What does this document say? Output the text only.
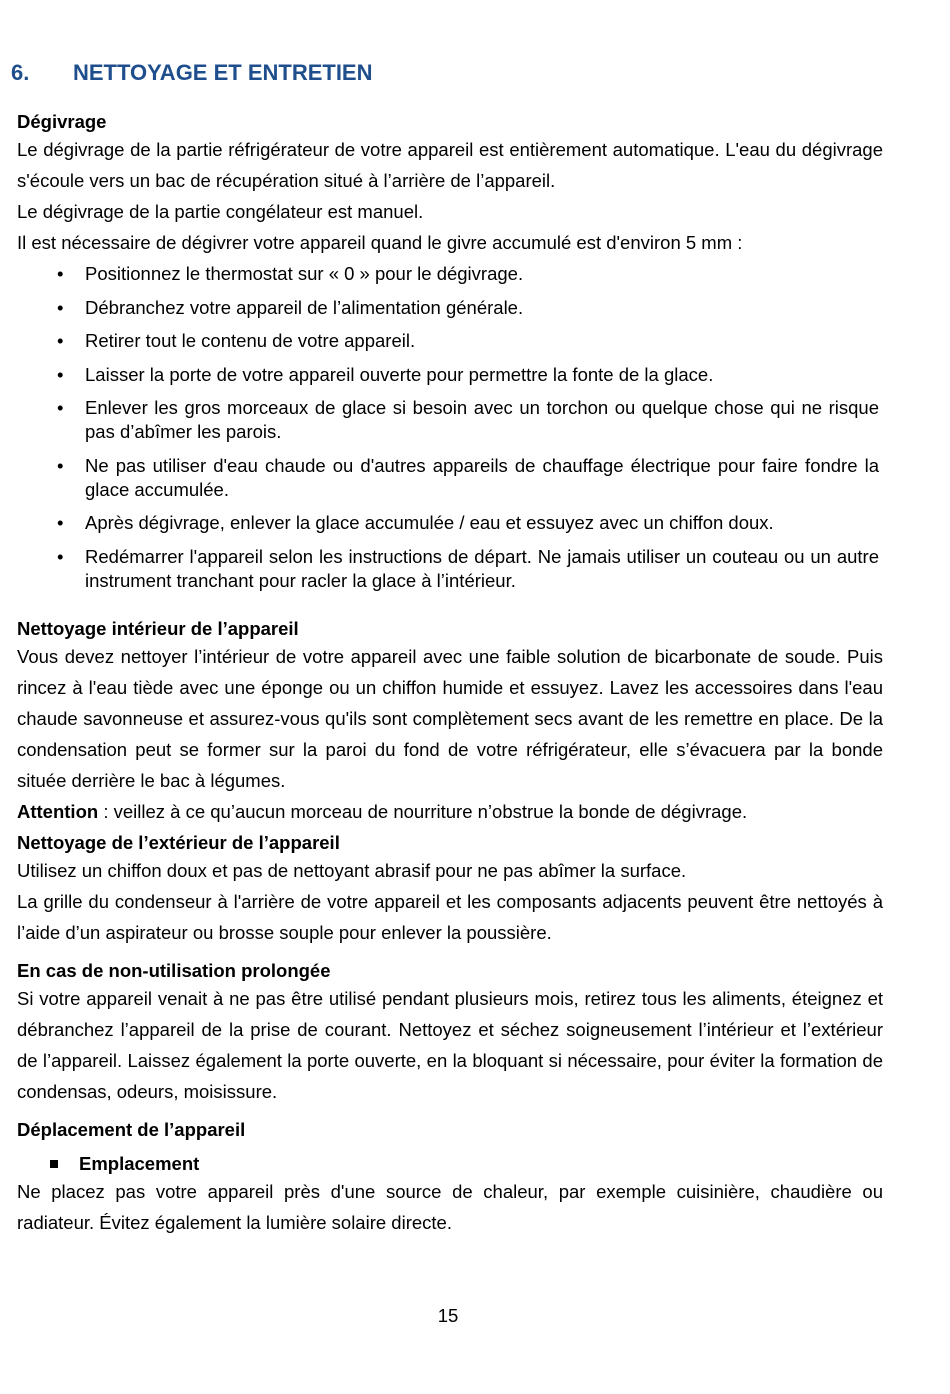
6. NETTOYAGE ET ENTRETIEN
Dégivrage

Le dégivrage de la partie réfrigérateur de votre appareil est entièrement automatique. L'eau du dégivrage s'écoule vers un bac de récupération situé à l’arrière de l’appareil.

Le dégivrage de la partie congélateur est manuel.

Il est nécessaire de dégivrer votre appareil quand le givre accumulé est d'environ 5 mm :

• Positionnez le thermostat sur « 0 » pour le dégivrage.
• Débranchez votre appareil de l’alimentation générale.
• Retirer tout le contenu de votre appareil.
• Laisser la porte de votre appareil ouverte pour permettre la fonte de la glace.
• Enlever les gros morceaux de glace si besoin avec un torchon ou quelque chose qui ne risque pas d’abîmer les parois.
• Ne pas utiliser d'eau chaude ou d'autres appareils de chauffage électrique pour faire fondre la glace accumulée.
• Après dégivrage, enlever la glace accumulée / eau et essuyez avec un chiffon doux.
• Redémarrer l'appareil selon les instructions de départ. Ne jamais utiliser un couteau ou un autre instrument tranchant pour racler la glace à l’intérieur.
Nettoyage intérieur de l’appareil

Vous devez nettoyer l’intérieur de votre appareil avec une faible solution de bicarbonate de soude. Puis rincez à l'eau tiède avec une éponge ou un chiffon humide et essuyez. Lavez les accessoires dans l'eau chaude savonneuse et assurez-vous qu'ils sont complètement secs avant de les remettre en place. De la condensation peut se former sur la paroi du fond de votre réfrigérateur, elle s’évacuera par la bonde située derrière le bac à légumes.

Attention : veillez à ce qu’aucun morceau de nourriture n’obstrue la bonde de dégivrage.

Nettoyage de l’extérieur de l’appareil

Utilisez un chiffon doux et pas de nettoyant abrasif pour ne pas abîmer la surface.

La grille du condenseur à l'arrière de votre appareil et les composants adjacents peuvent être nettoyés à l’aide d’un aspirateur ou brosse souple pour enlever la poussière.

En cas de non-utilisation prolongée

Si votre appareil venait à ne pas être utilisé pendant plusieurs mois, retirez tous les aliments, éteignez et débranchez l’appareil de la prise de courant. Nettoyez et séchez soigneusement l’intérieur et l’extérieur de l’appareil. Laissez également la porte ouverte, en la bloquant si nécessaire, pour éviter la formation de condensas, odeurs, moisissure.

Déplacement de l’appareil
Emplacement

Ne placez pas votre appareil près d'une source de chaleur, par exemple cuisinière, chaudière ou radiateur. Évitez également la lumière solaire directe.

15
